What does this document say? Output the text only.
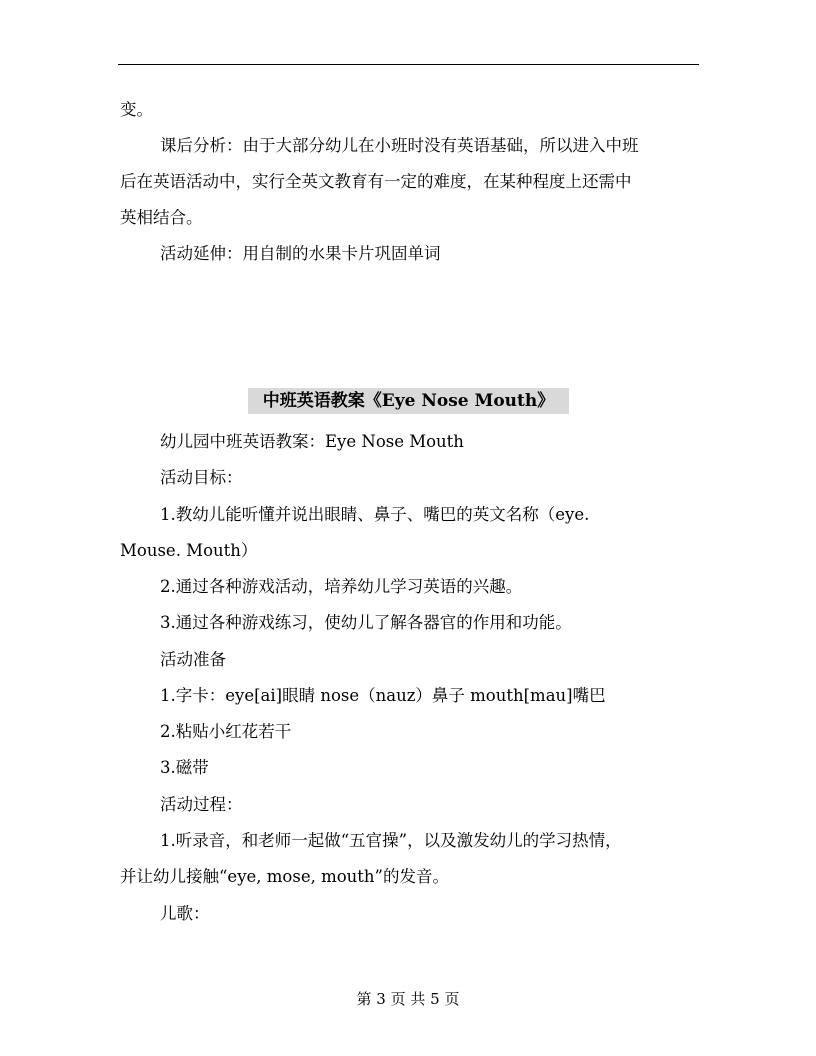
变。
课后分析：由于大部分幼儿在小班时没有英语基础，所以进入中班
后在英语活动中，实行全英文教育有一定的难度，在某种程度上还需中
英相结合。
活动延伸：用自制的水果卡片巩固单词
中班英语教案《Eye Nose Mouth》
幼儿园中班英语教案：Eye Nose Mouth
活动目标：
1.教幼儿能听懂并说出眼睛、鼻子、嘴巴的英文名称（eye.
Mouse. Mouth）
2.通过各种游戏活动，培养幼儿学习英语的兴趣。
3.通过各种游戏练习，使幼儿了解各器官的作用和功能。
活动准备
1.字卡：eye[ai]眼睛 nose（nauz）鼻子 mouth[mau]嘴巴
2.粘贴小红花若干
3.磁带
活动过程：
1.听录音，和老师一起做“五官操”，以及激发幼儿的学习热情，
并让幼儿接触“eye, mose, mouth”的发音。
儿歌：
第 3 页 共 5 页
